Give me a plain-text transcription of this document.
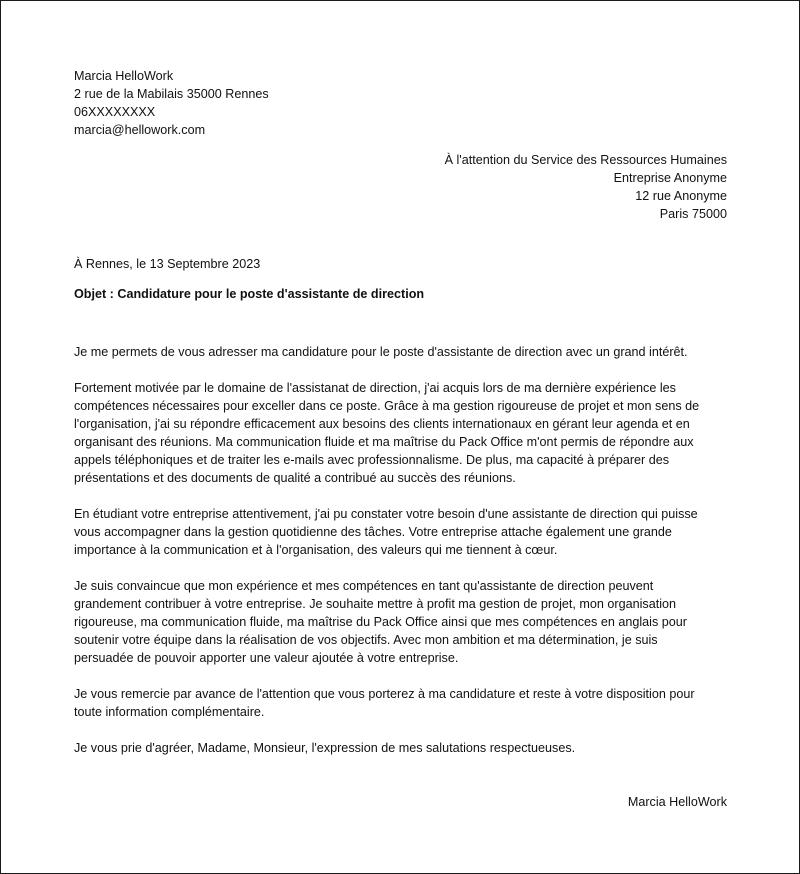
Marcia HelloWork
2 rue de la Mabilais 35000 Rennes
06XXXXXXXX
marcia@hellowork.com
À l'attention du Service des Ressources Humaines
Entreprise Anonyme
12 rue Anonyme
Paris 75000
À Rennes, le 13 Septembre 2023
Objet : Candidature pour le poste d'assistante de direction

Je me permets de vous adresser ma candidature pour le poste d'assistante de direction avec un grand intérêt.

Fortement motivée par le domaine de l'assistanat de direction, j'ai acquis lors de ma dernière expérience les
compétences nécessaires pour exceller dans ce poste. Grâce à ma gestion rigoureuse de projet et mon sens de
l'organisation, j'ai su répondre efficacement aux besoins des clients internationaux en gérant leur agenda et en
organisant des réunions. Ma communication fluide et ma maîtrise du Pack Office m'ont permis de répondre aux
appels téléphoniques et de traiter les e-mails avec professionnalisme. De plus, ma capacité à préparer des
présentations et des documents de qualité a contribué au succès des réunions.

En étudiant votre entreprise attentivement, j'ai pu constater votre besoin d'une assistante de direction qui puisse
vous accompagner dans la gestion quotidienne des tâches. Votre entreprise attache également une grande
importance à la communication et à l'organisation, des valeurs qui me tiennent à cœur.

Je suis convaincue que mon expérience et mes compétences en tant qu'assistante de direction peuvent
grandement contribuer à votre entreprise. Je souhaite mettre à profit ma gestion de projet, mon organisation
rigoureuse, ma communication fluide, ma maîtrise du Pack Office ainsi que mes compétences en anglais pour
soutenir votre équipe dans la réalisation de vos objectifs. Avec mon ambition et ma détermination, je suis
persuadée de pouvoir apporter une valeur ajoutée à votre entreprise.

Je vous remercie par avance de l'attention que vous porterez à ma candidature et reste à votre disposition pour
toute information complémentaire.

Je vous prie d'agréer, Madame, Monsieur, l'expression de mes salutations respectueuses.

Marcia HelloWork
